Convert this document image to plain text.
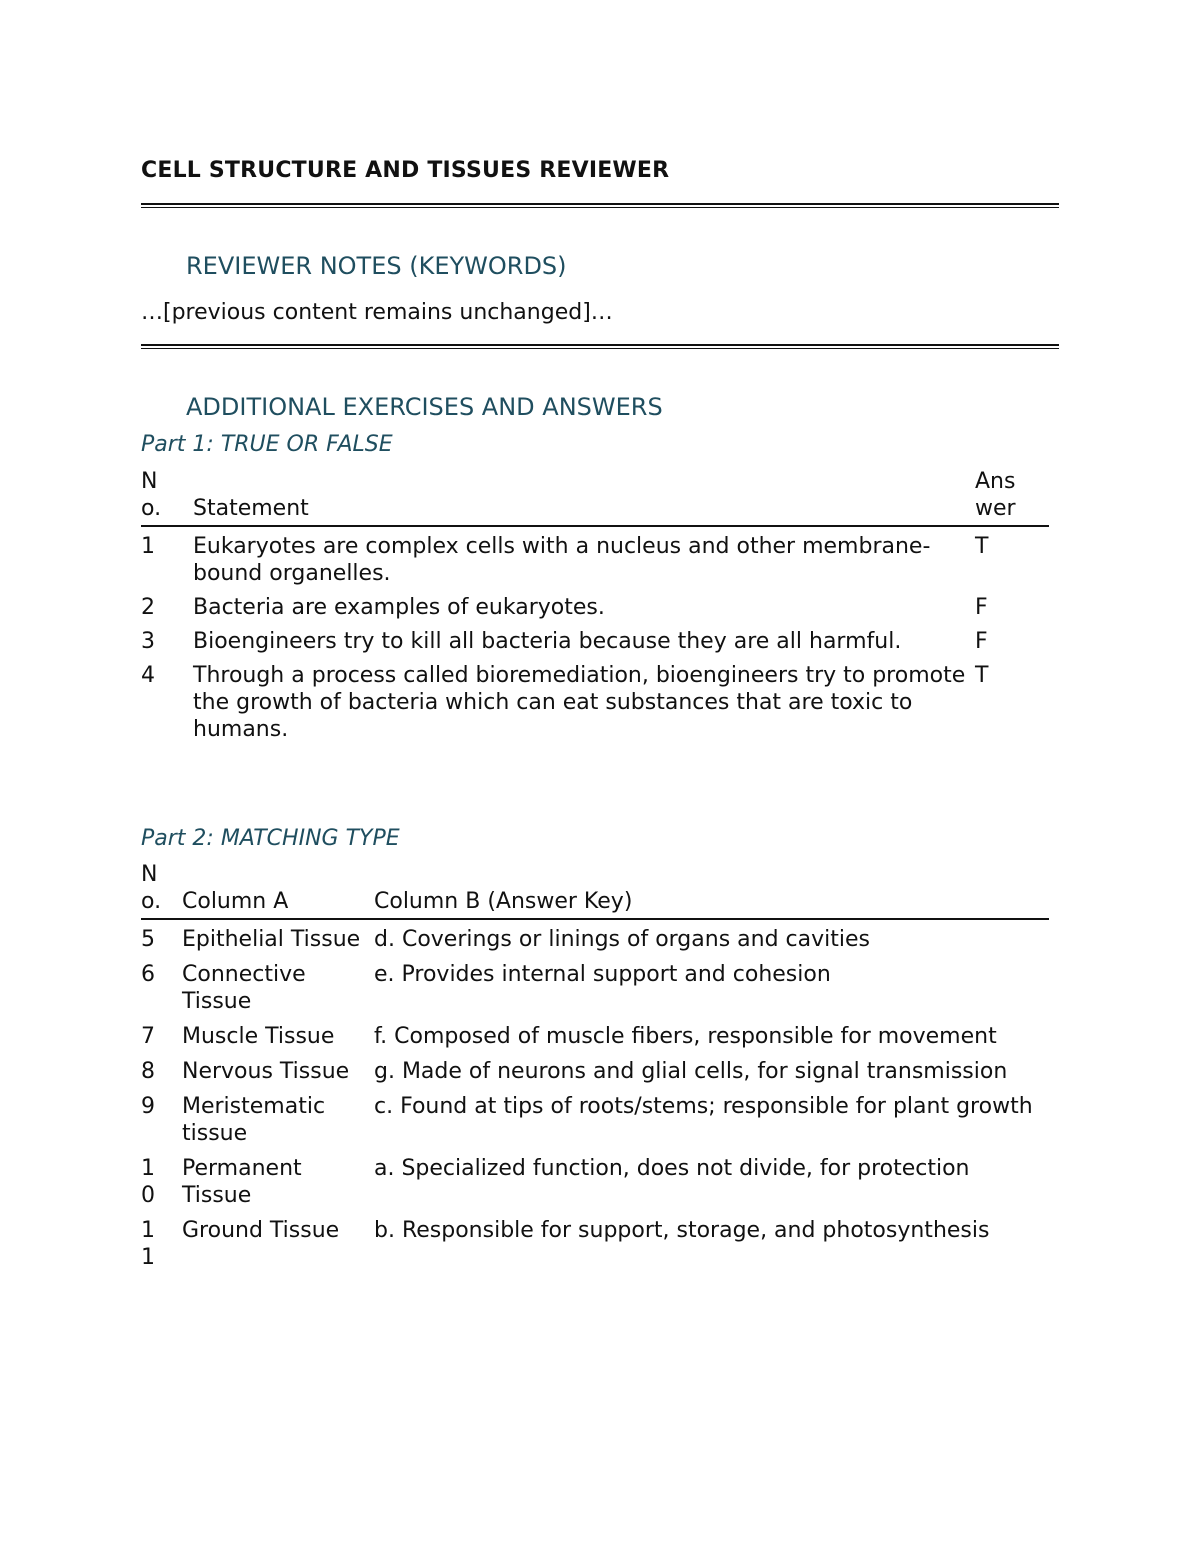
CELL STRUCTURE AND TISSUES REVIEWER
REVIEWER NOTES (KEYWORDS)
…[previous content remains unchanged]…
ADDITIONAL EXERCISES AND ANSWERS
Part 1: TRUE OR FALSE
No.	Statement	Answer
1	Eukaryotes are complex cells with a nucleus and other membrane-bound organelles.	T
2	Bacteria are examples of eukaryotes.	F
3	Bioengineers try to kill all bacteria because they are all harmful.	F
4	Through a process called bioremediation, bioengineers try to promote the growth of bacteria which can eat substances that are toxic to humans.	T
Part 2: MATCHING TYPE
No.	Column A	Column B (Answer Key)
5	Epithelial Tissue	d. Coverings or linings of organs and cavities
6	Connective Tissue	e. Provides internal support and cohesion
7	Muscle Tissue	f. Composed of muscle fibers, responsible for movement
8	Nervous Tissue	g. Made of neurons and glial cells, for signal transmission
9	Meristematic tissue	c. Found at tips of roots/stems; responsible for plant growth
10	Permanent Tissue	a. Specialized function, does not divide, for protection
11	Ground Tissue	b. Responsible for support, storage, and photosynthesis
